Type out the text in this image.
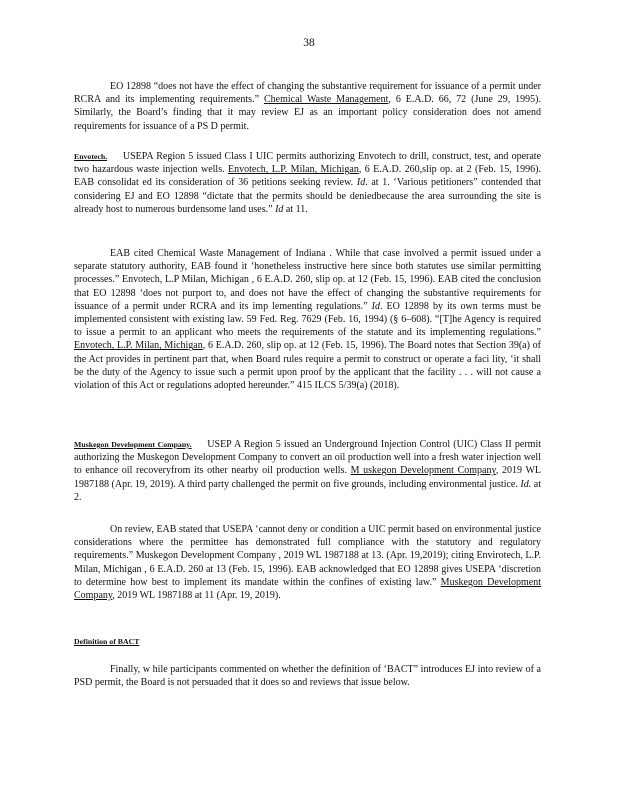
38

EO 12898 “does not have the effect of changing the substantive requirement for issuance of a permit under RCRA and its implementing requirements.” Chemical Waste Management, 6 E.A.D. 66, 72 (June 29, 1995). Similarly, the Board’s finding that it may review EJ as an important policy consideration does not amend requirements for issuance of a PS D permit.

Envotech. USEPA Region 5 issued Class I UIC permits authorizing Envotech to drill, construct, test, and operate two hazardous waste injection wells. Envotech, L.P. Milan, Michigan, 6 E.A.D. 260,slip op. at 2 (Feb. 15, 1996). EAB consolidat ed its consideration of 36 petitions seeking review. Id. at 1. ‘Various petitioners” contended that considering EJ and EO 12898 “dictate that the permits should be deniedbecause the area surrounding the site is already host to numerous burdensome land uses.” Id at 11.

EAB cited Chemical Waste Management of Indiana . While that case involved a permit issued under a separate statutory authority, EAB found it ‘honetheless instructive here since both statutes use similar permitting processes.” Envotech, L.P Milan, Michigan , 6 E.A.D. 260, slip op. at 12 (Feb. 15, 1996). EAB cited the conclusion that EO 12898 ‘does not purport to, and does not have the effect of changing the substantive requirements for issuance of a permit under RCRA and its imp lementing regulations.” Id. EO 12898 by its own terms must be implemented consistent with existing law. 59 Fed. Reg. 7629 (Feb. 16, 1994) (§ 6–608). “[T]he Agency is required to issue a permit to an applicant who meets the requirements of the statute and its implementing regulations.” Envotech, L.P. Milan, Michigan, 6 E.A.D. 260, slip op. at 12 (Feb. 15, 1996). The Board notes that Section 39(a) of the Act provides in pertinent part that, when Board rules require a permit to construct or operate a faci lity, ‘it shall be the duty of the Agency to issue such a permit upon proof by the applicant that the facility . . . will not cause a violation of this Act or regulations adopted hereunder.” 415 ILCS 5/39(a) (2018).

Muskegon Development Company. USEP A Region 5 issued an Underground Injection Control (UIC) Class II permit authorizing the Muskegon Development Company to convert an oil production well into a fresh water injection well to enhance oil recoveryfrom its other nearby oil production wells. M uskegon Development Company, 2019 WL 1987188 (Apr. 19, 2019). A third party challenged the permit on five grounds, including environmental justice. Id. at 2.

On review, EAB stated that USEPA ‘cannot deny or condition a UIC permit based on environmental justice considerations where the permittee has demonstrated full compliance with the statutory and regulatory requirements.” Muskegon Development Company , 2019 WL 1987188 at 13. (Apr. 19,2019); citing Envirotech, L.P. Milan, Michigan , 6 E.A.D. 260 at 13 (Feb. 15, 1996). EAB acknowledged that EO 12898 gives USEPA ‘discretion to determine how best to implement its mandate within the confines of existing law.” Muskegon Development Company, 2019 WL 1987188 at 11 (Apr. 19, 2019).

Definition of BACT

Finally, w hile participants commented on whether the definition of ‘BACT” introduces EJ into review of a PSD permit, the Board is not persuaded that it does so and reviews that issue below.
